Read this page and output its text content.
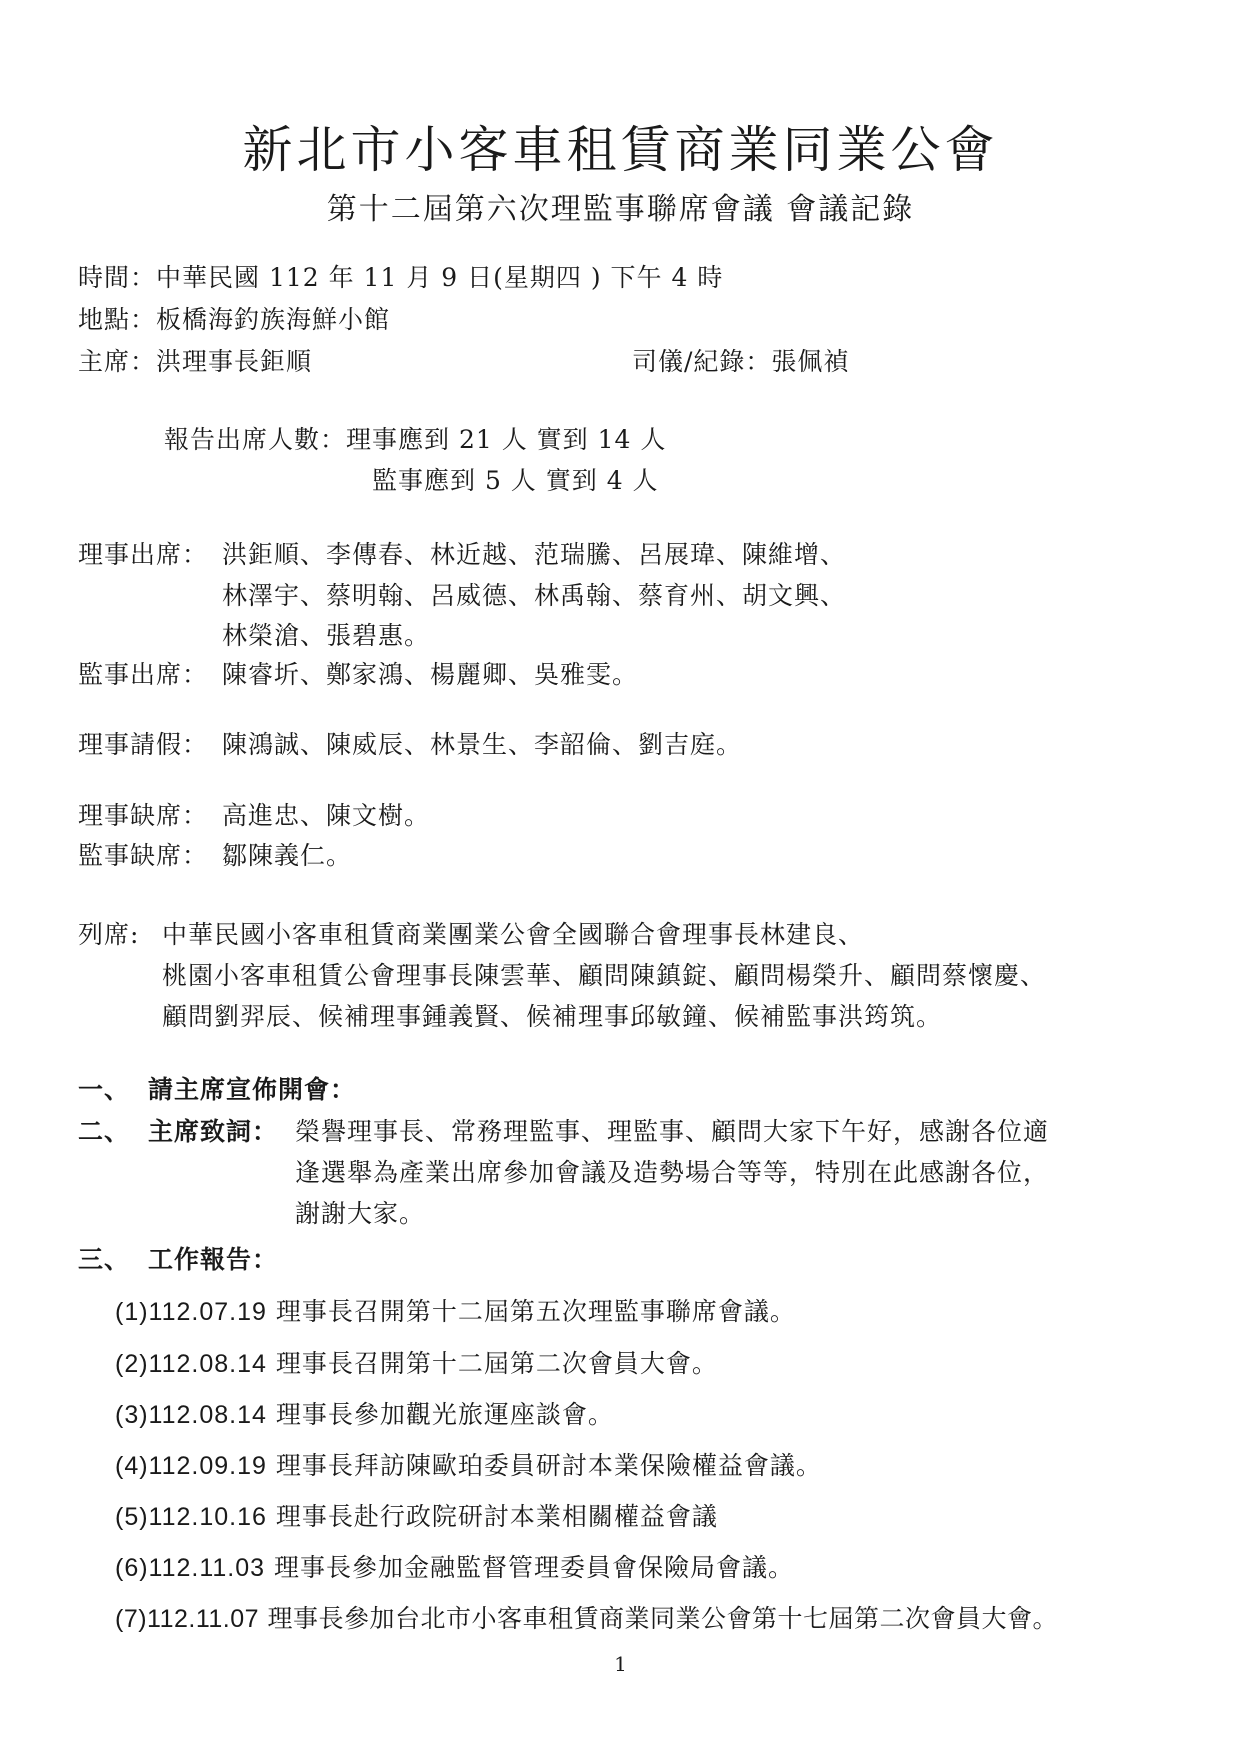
新北市小客車租賃商業同業公會
第十二屆第六次理監事聯席會議 會議記錄
時間：中華民國 112 年 11 月 9 日(星期四 ) 下午 4 時
地點：板橋海釣族海鮮小館
主席：洪理事長鉅順	司儀/紀錄：張佩禎
報告出席人數：理事應到 21 人 實到 14 人
監事應到 5 人 實到 4 人
理事出席： 洪鉅順、李傳春、林近越、范瑞騰、呂展瑋、陳維增、
林澤宇、蔡明翰、呂威德、林禹翰、蔡育州、胡文興、
林榮滄、張碧惠。
監事出席： 陳睿圻、鄭家鴻、楊麗卿、吳雅雯。
理事請假： 陳鴻誠、陳威辰、林景生、李韶倫、劉吉庭。
理事缺席： 高進忠、陳文樹。
監事缺席： 鄒陳義仁。
列席: 中華民國小客車租賃商業團業公會全國聯合會理事長林建良、
桃園小客車租賃公會理事長陳雲華、顧問陳鎮錠、顧問楊榮升、顧問蔡懷慶、
顧問劉羿辰、候補理事鍾義賢、候補理事邱敏鐘、候補監事洪筠筑。
一、 請主席宣佈開會：
二、 主席致詞： 榮譽理事長、常務理監事、理監事、顧問大家下午好，感謝各位適
逢選舉為產業出席參加會議及造勢場合等等，特別在此感謝各位，
謝謝大家。
三、 工作報告：
(1)112.07.19 理事長召開第十二屆第五次理監事聯席會議。
(2)112.08.14 理事長召開第十二屆第二次會員大會。
(3)112.08.14 理事長參加觀光旅運座談會。
(4)112.09.19 理事長拜訪陳歐珀委員研討本業保險權益會議。
(5)112.10.16 理事長赴行政院研討本業相關權益會議
(6)112.11.03 理事長參加金融監督管理委員會保險局會議。
(7)112.11.07 理事長參加台北市小客車租賃商業同業公會第十七屆第二次會員大會。
1
